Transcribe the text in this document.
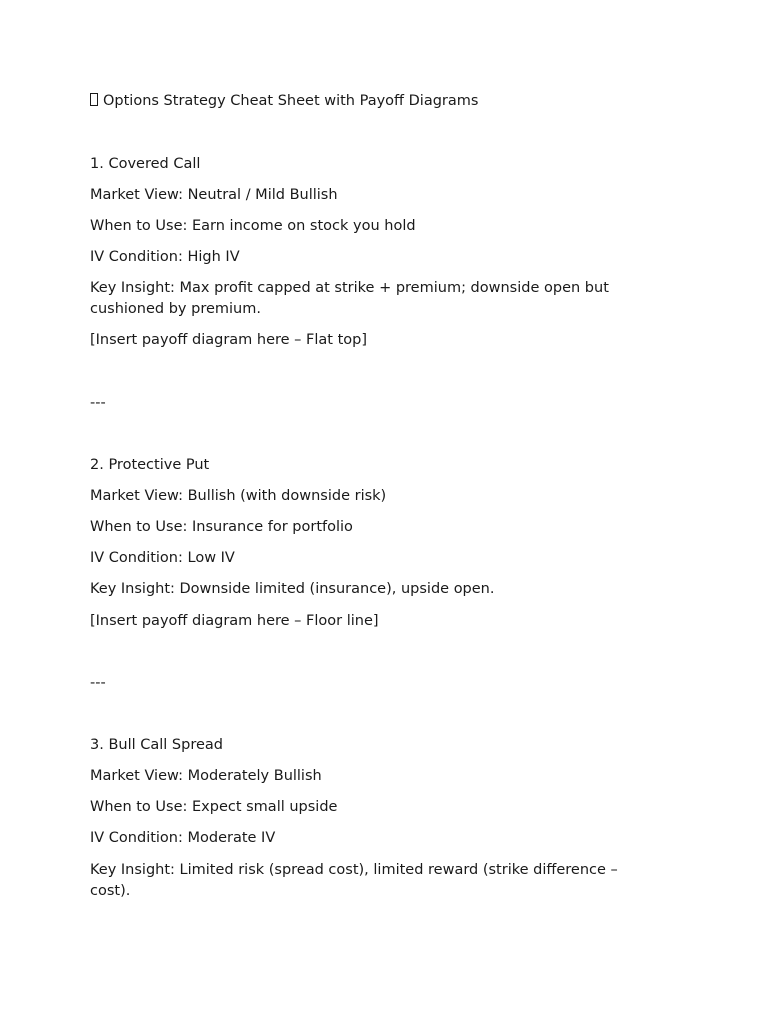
Options Strategy Cheat Sheet with Payoff Diagrams
1. Covered Call
Market View: Neutral / Mild Bullish
When to Use: Earn income on stock you hold
IV Condition: High IV
Key Insight: Max profit capped at strike + premium; downside open but cushioned by premium.
[Insert payoff diagram here – Flat top]
---
2. Protective Put
Market View: Bullish (with downside risk)
When to Use: Insurance for portfolio
IV Condition: Low IV
Key Insight: Downside limited (insurance), upside open.
[Insert payoff diagram here – Floor line]
---
3. Bull Call Spread
Market View: Moderately Bullish
When to Use: Expect small upside
IV Condition: Moderate IV
Key Insight: Limited risk (spread cost), limited reward (strike difference – cost).
